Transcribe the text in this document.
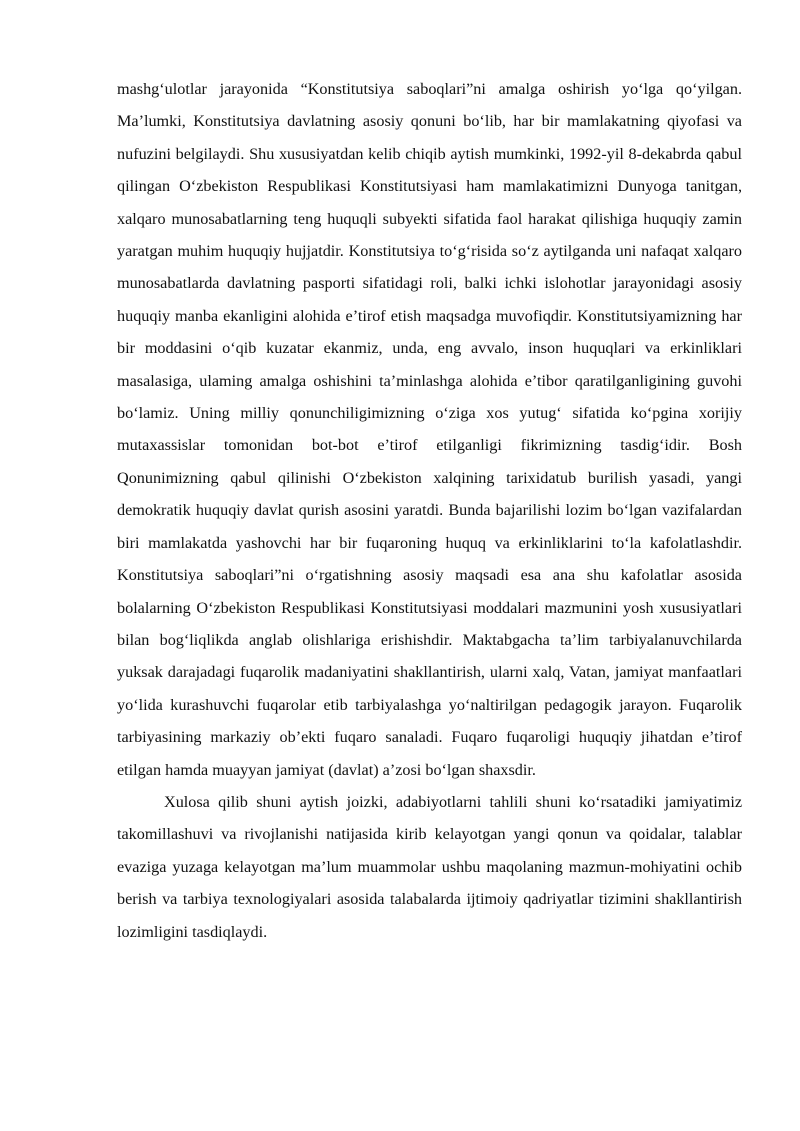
mashg‘ulotlar jarayonida “Konstitutsiya saboqlari”ni amalga oshirish yo‘lga qo‘yilgan. Ma’lumki, Konstitutsiya davlatning asosiy qonuni bo‘lib, har bir mamlakatning qiyofasi va nufuzini belgilaydi. Shu xususiyatdan kelib chiqib aytish mumkinki, 1992-yil 8-dekabrda qabul qilingan O‘zbekiston Respublikasi Konstitutsiyasi ham mamlakatimizni Dunyoga tanitgan, xalqaro munosabatlarning teng huquqli subyekti sifatida faol harakat qilishiga huquqiy zamin yaratgan muhim huquqiy hujjatdir. Konstitutsiya to‘g‘risida so‘z aytilganda uni nafaqat xalqaro munosabatlarda davlatning pasporti sifatidagi roli, balki ichki islohotlar jarayonidagi asosiy huquqiy manba ekanligini alohida e’tirof etish maqsadga muvofiqdir. Konstitutsiyamizning har bir moddasini o‘qib kuzatar ekanmiz, unda, eng avvalo, inson huquqlari va erkinliklari masalasiga, ulaming amalga oshishini ta’minlashga alohida e’tibor qaratilganligining guvohi bo‘lamiz. Uning milliy qonunchiligimizning o‘ziga xos yutug‘ sifatida ko‘pgina xorijiy mutaxassislar tomonidan bot-bot e’tirof etilganligi fikrimizning tasdig‘idir. Bosh Qonunimizning qabul qilinishi O‘zbekiston xalqining tarixidatub burilish yasadi, yangi demokratik huquqiy davlat qurish asosini yaratdi. Bunda bajarilishi lozim bo‘lgan vazifalardan biri mamlakatda yashovchi har bir fuqaroning huquq va erkinliklarini to‘la kafolatlashdir. Konstitutsiya saboqlari”ni o‘rgatishning asosiy maqsadi esa ana shu kafolatlar asosida bolalarning O‘zbekiston Respublikasi Konstitutsiyasi moddalari mazmunini yosh xususiyatlari bilan bog‘liqlikda anglab olishlariga erishishdir. Maktabgacha ta’lim tarbiyalanuvchilarda yuksak darajadagi fuqarolik madaniyatini shakllantirish, ularni xalq, Vatan, jamiyat manfaatlari yo‘lida kurashuvchi fuqarolar etib tarbiyalashga yo‘naltirilgan pedagogik jarayon. Fuqarolik tarbiyasining markaziy ob’ekti fuqaro sanaladi. Fuqaro fuqaroligi huquqiy jihatdan e’tirof etilgan hamda muayyan jamiyat (davlat) a’zosi bo‘lgan shaxsdir.

Xulosa qilib shuni aytish joizki, adabiyotlarni tahlili shuni ko‘rsatadiki jamiyatimiz takomillashuvi va rivojlanishi natijasida kirib kelayotgan yangi qonun va qoidalar, talablar evaziga yuzaga kelayotgan ma’lum muammolar ushbu maqolaning mazmun-mohiyatini ochib berish va tarbiya texnologiyalari asosida talabalarda ijtimoiy qadriyatlar tizimini shakllantirish lozimligini tasdiqlaydi.
